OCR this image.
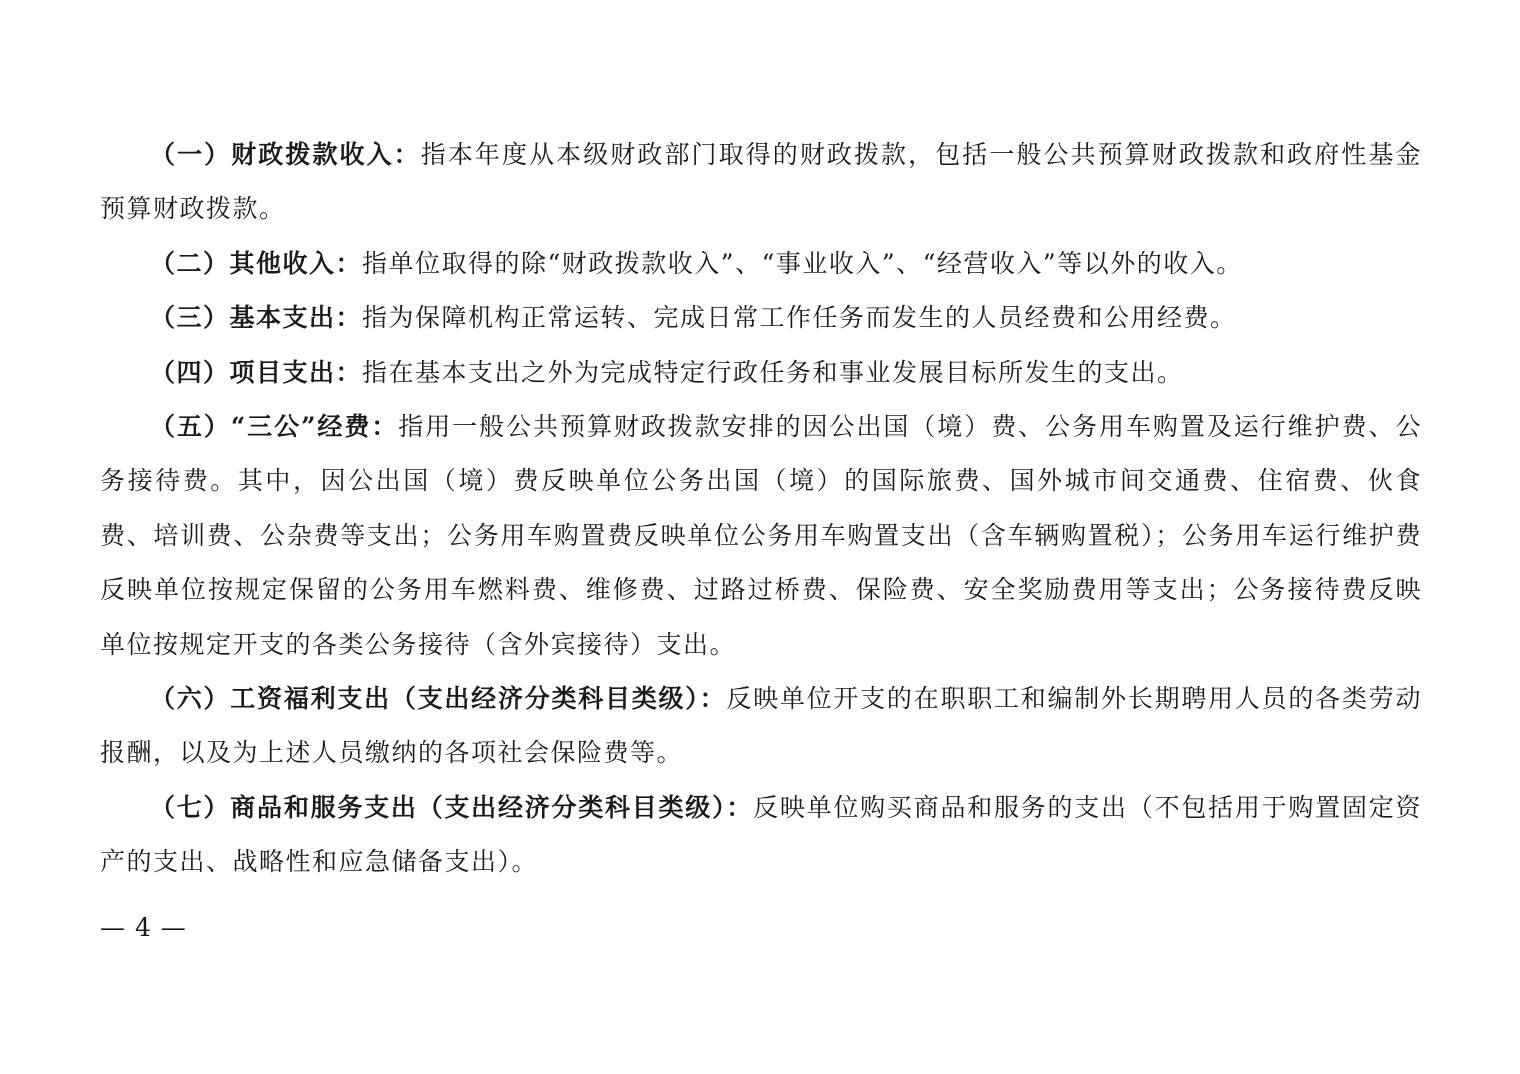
（一）财政拨款收入：指本年度从本级财政部门取得的财政拨款，包括一般公共预算财政拨款和政府性基金预算财政拨款。

（二）其他收入：指单位取得的除“财政拨款收入”、“事业收入”、“经营收入”等以外的收入。

（三）基本支出：指为保障机构正常运转、完成日常工作任务而发生的人员经费和公用经费。

（四）项目支出：指在基本支出之外为完成特定行政任务和事业发展目标所发生的支出。

（五）“三公”经费：指用一般公共预算财政拨款安排的因公出国（境）费、公务用车购置及运行维护费、公务接待费。其中，因公出国（境）费反映单位公务出国（境）的国际旅费、国外城市间交通费、住宿费、伙食费、培训费、公杂费等支出；公务用车购置费反映单位公务用车购置支出（含车辆购置税）；公务用车运行维护费反映单位按规定保留的公务用车燃料费、维修费、过路过桥费、保险费、安全奖励费用等支出；公务接待费反映单位按规定开支的各类公务接待（含外宾接待）支出。

（六）工资福利支出（支出经济分类科目类级）：反映单位开支的在职职工和编制外长期聘用人员的各类劳动报酬，以及为上述人员缴纳的各项社会保险费等。

（七）商品和服务支出（支出经济分类科目类级）：反映单位购买商品和服务的支出（不包括用于购置固定资产的支出、战略性和应急储备支出）。

— 4 —
